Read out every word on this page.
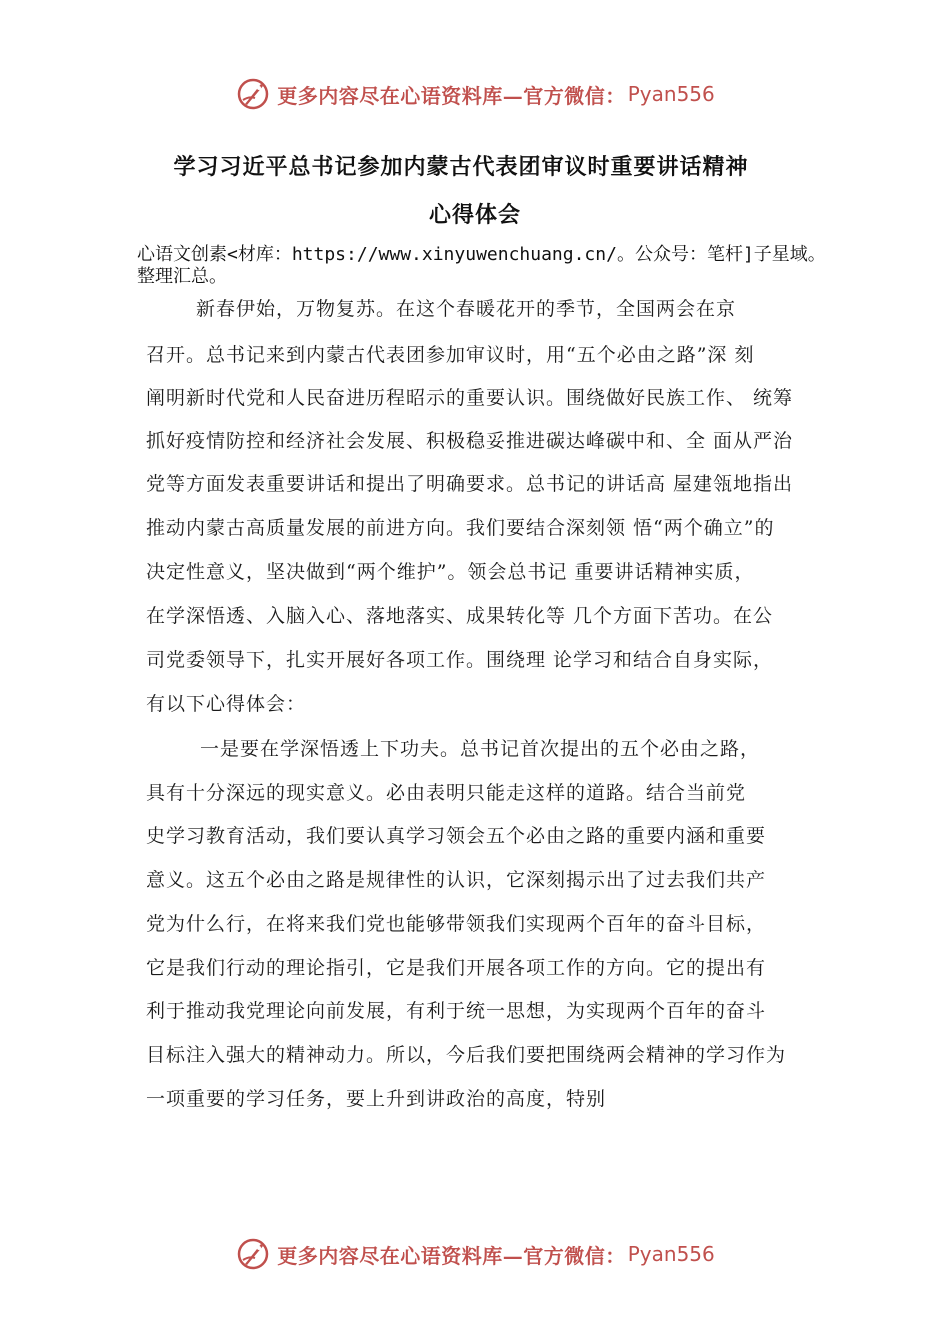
更多内容尽在心语资料库—官方微信： Pyan556
学习习近平总书记参加内蒙古代表团审议时重要讲话精神
心得体会
心语文创素<材库：https://www.xinyuwenchuang.cn/。公众号：笔杆]子星域。整理汇总。
新春伊始，万物复苏。在这个春暖花开的季节，全国两会在京
召开。总书记来到内蒙古代表团参加审议时，用“五个必由之路”深 刻
阐明新时代党和人民奋进历程昭示的重要认识。围绕做好民族工作、 统筹
抓好疫情防控和经济社会发展、积极稳妥推进碳达峰碳中和、全 面从严治
党等方面发表重要讲话和提出了明确要求。总书记的讲话高 屋建瓴地指出
推动内蒙古高质量发展的前进方向。我们要结合深刻领 悟“两个确立”的
决定性意义，坚决做到“两个维护”。领会总书记 重要讲话精神实质，
在学深悟透、入脑入心、落地落实、成果转化等 几个方面下苦功。在公
司党委领导下，扎实开展好各项工作。围绕理 论学习和结合自身实际，
有以下心得体会：
一是要在学深悟透上下功夫。总书记首次提出的五个必由之路，
具有十分深远的现实意义。必由表明只能走这样的道路。结合当前党
史学习教育活动，我们要认真学习领会五个必由之路的重要内涵和重要
意义。这五个必由之路是规律性的认识，它深刻揭示出了过去我们共产
党为什么行，在将来我们党也能够带领我们实现两个百年的奋斗目标，
它是我们行动的理论指引，它是我们开展各项工作的方向。它的提出有
利于推动我党理论向前发展，有利于统一思想，为实现两个百年的奋斗
目标注入强大的精神动力。所以，今后我们要把围绕两会精神的学习作为
一项重要的学习任务，要上升到讲政治的高度，特别
更多内容尽在心语资料库—官方微信： Pyan556
